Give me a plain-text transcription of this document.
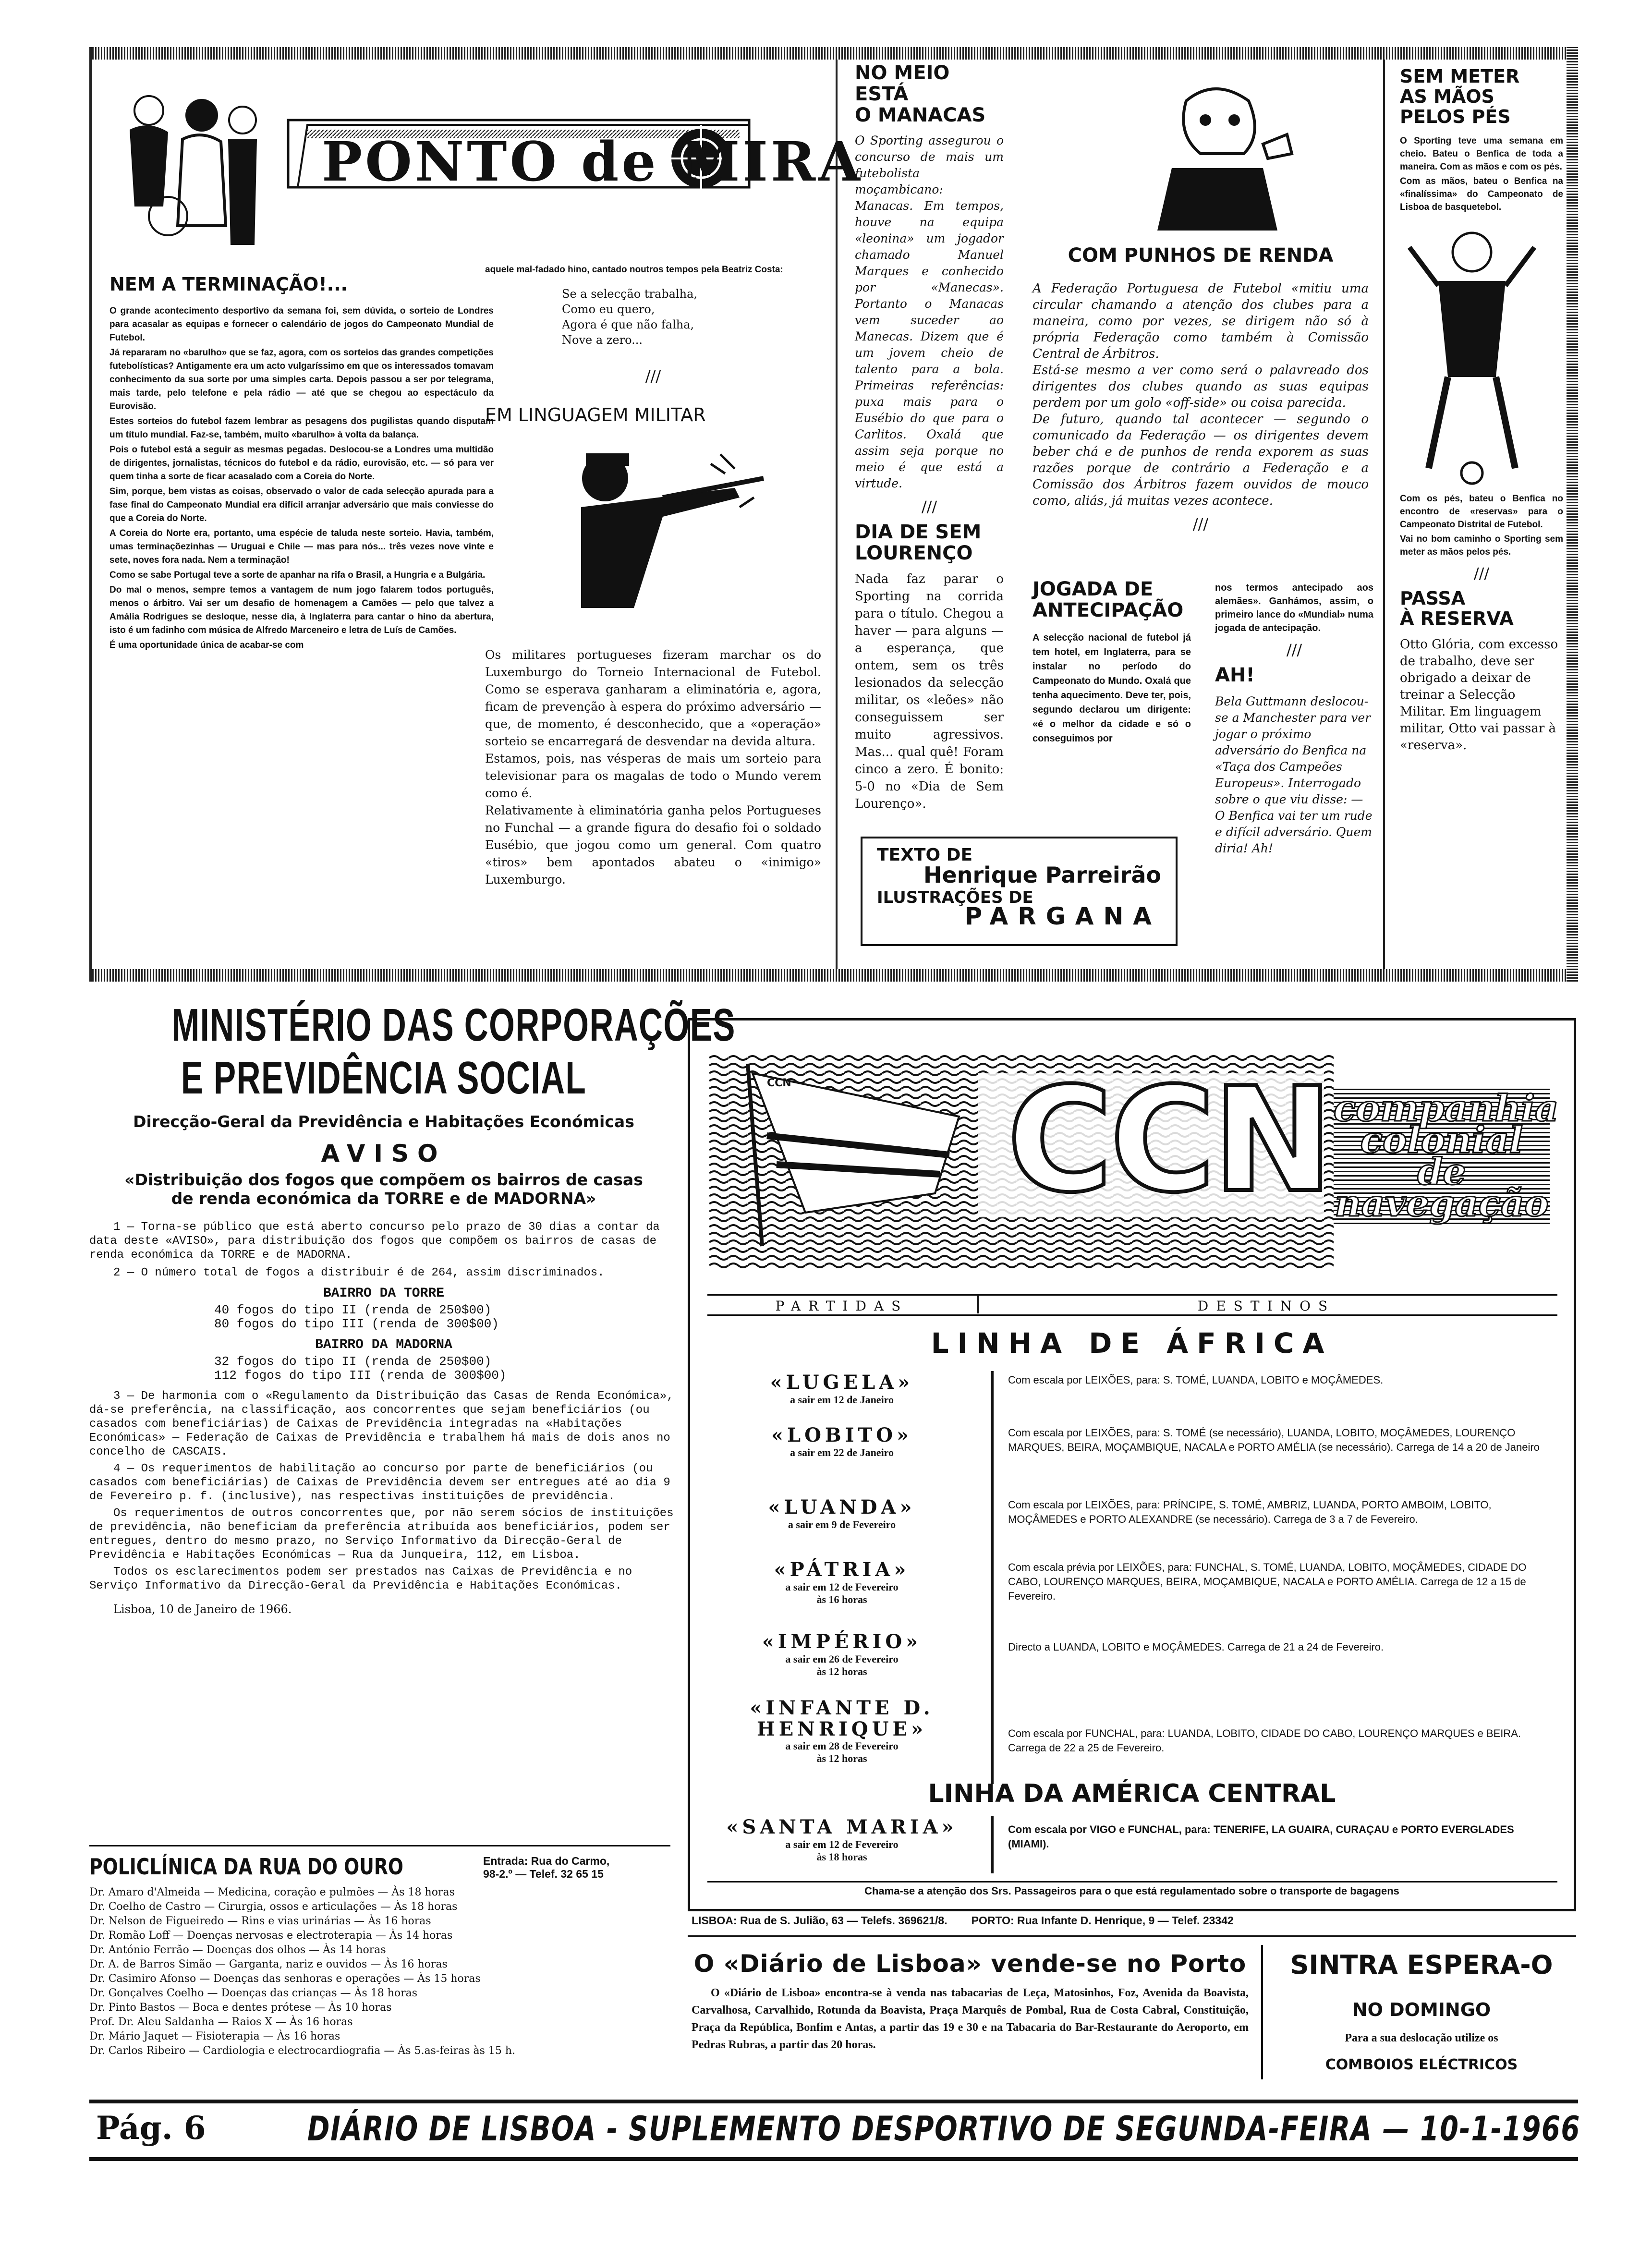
PONTO de MIRA
NEM A TERMINAÇÃO!...

O grande acontecimento desportivo da semana foi, sem dúvida, o sorteio de Londres para acasalar as equipas e fornecer o calendário de jogos do Campeonato Mundial de Futebol.

Já repararam no «barulho» que se faz, agora, com os sorteios das grandes competições futebolísticas? Antigamente era um acto vulgaríssimo em que os interessados tomavam conhecimento da sua sorte por uma simples carta. Depois passou a ser por telegrama, mais tarde, pelo telefone e pela rádio — até que se chegou ao espectáculo da Eurovisão.

Estes sorteios do futebol fazem lembrar as pesagens dos pugilistas quando disputam um título mundial. Faz-se, também, muito «barulho» à volta da balança.

Pois o futebol está a seguir as mesmas pegadas. Deslocou-se a Londres uma multidão de dirigentes, jornalistas, técnicos do futebol e da rádio, eurovisão, etc. — só para ver quem tinha a sorte de ficar acasalado com a Coreia do Norte.

Sim, porque, bem vistas as coisas, observado o valor de cada selecção apurada para a fase final do Campeonato Mundial era difícil arranjar adversário que mais conviesse do que a Coreia do Norte.

A Coreia do Norte era, portanto, uma espécie de taluda neste sorteio. Havia, também, umas terminaçõezinhas — Uruguai e Chile — mas para nós... três vezes nove vinte e sete, noves fora nada. Nem a terminação!

Como se sabe Portugal teve a sorte de apanhar na rifa o Brasil, a Hungria e a Bulgária.

Do mal o menos, sempre temos a vantagem de num jogo falarem todos português, menos o árbitro. Vai ser um desafio de homenagem a Camões — pelo que talvez a Amália Rodrigues se desloque, nesse dia, à Inglaterra para cantar o hino da abertura, isto é um fadinho com música de Alfredo Marceneiro e letra de Luís de Camões.

É uma oportunidade única de acabar-se com

aquele mal-fadado hino, cantado noutros tempos pela Beatriz Costa:

Se a selecção trabalha,
Como eu quero,
Agora é que não falha,
Nove a zero...
///
EM LINGUAGEM MILITAR

Os militares portugueses fizeram marchar os do Luxemburgo do Torneio Internacional de Futebol. Como se esperava ganharam a eliminatória e, agora, ficam de prevenção à espera do próximo adversário — que, de momento, é desconhecido, que a «operação» sorteio se encarregará de desvendar na devida altura.

Estamos, pois, nas vésperas de mais um sorteio para televisionar para os magalas de todo o Mundo verem como é.

Relativamente à eliminatória ganha pelos Portugueses no Funchal — a grande figura do desafio foi o soldado Eusébio, que jogou como um general. Com quatro «tiros» bem apontados abateu o «inimigo» Luxemburgo.

NO MEIO ESTÁ
O MANACAS

O Sporting assegurou o concurso de mais um futebolista moçambicano: Manacas. Em tempos, houve na equipa «leonina» um jogador chamado Manuel Marques e conhecido por «Manecas». Portanto o Manacas vem suceder ao Manecas. Dizem que é um jovem cheio de talento para a bola. Primeiras referências: puxa mais para o Eusébio do que para o Carlitos. Oxalá que assim seja porque no meio é que está a virtude.

///
DIA DE SEM
LOURENÇO

Nada faz parar o Sporting na corrida para o título. Chegou a haver — para alguns — a esperança, que ontem, sem os três lesionados da selecção militar, os «leões» não conseguissem ser muito agressivos. Mas... qual quê! Foram cinco a zero. É bonito: 5-0 no «Dia de Sem Lourenço».

COM PUNHOS DE RENDA

A Federação Portuguesa de Futebol «mitiu uma circular chamando a atenção dos clubes para a maneira, como por vezes, se dirigem não só à própria Federação como também à Comissão Central de Árbitros.

Está-se mesmo a ver como será o palavreado dos dirigentes dos clubes quando as suas equipas perdem por um golo «off-side» ou coisa parecida.

De futuro, quando tal acontecer — segundo o comunicado da Federação — os dirigentes devem beber chá e de punhos de renda exporem as suas razões porque de contrário a Federação e a Comissão dos Árbitros fazem ouvidos de mouco como, aliás, já muitas vezes acontece.

///
JOGADA DE
ANTECIPAÇÃO

A selecção nacional de futebol já tem hotel, em Inglaterra, para se instalar no período do Campeonato do Mundo. Oxalá que tenha aquecimento. Deve ter, pois, segundo declarou um dirigente: «é o melhor da cidade e só o conseguimos por

nos termos antecipado aos alemães». Ganhámos, assim, o primeiro lance do «Mundial» numa jogada de antecipação.

///
AH!

Bela Guttmann deslocou-se a Manchester para ver jogar o próximo adversário do Benfica na «Taça dos Campeões Europeus». Interrogado sobre o que viu disse: — O Benfica vai ter um rude e difícil adversário. Quem diria! Ah!

TEXTO DE
Henrique Parreirão
ILUSTRAÇÕES DE
PARGANA
SEM METER
AS MÃOS
PELOS PÉS

O Sporting teve uma semana em cheio. Bateu o Benfica de toda a maneira. Com as mãos e com os pés.

Com as mãos, bateu o Benfica na «finalíssima» do Campeonato de Lisboa de basquetebol.

Com os pés, bateu o Benfica no encontro de «reservas» para o Campeonato Distrital de Futebol.

Vai no bom caminho o Sporting sem meter as mãos pelos pés.

///
PASSA
À RESERVA

Otto Glória, com excesso de trabalho, deve ser obrigado a deixar de treinar a Selecção Militar. Em linguagem militar, Otto vai passar à «reserva».

MINISTÉRIO DAS CORPORAÇÕES
E PREVIDÊNCIA SOCIAL
Direcção-Geral da Previdência e Habitações Económicas
AVISO
«Distribuição dos fogos que compõem os bairros de casas
de renda económica da TORRE e de MADORNA»

1 — Torna-se público que está aberto concurso pelo prazo de 30 dias a contar da data deste «AVISO», para distribuição dos fogos que compõem os bairros de casas de renda económica da TORRE e de MADORNA.

2 — O número total de fogos a distribuir é de 264, assim discriminados.

BAIRRO DA TORRE

40 fogos do tipo II (renda de 250$00)

80 fogos do tipo III (renda de 300$00)

BAIRRO DA MADORNA

32 fogos do tipo II (renda de 250$00)

112 fogos do tipo III (renda de 300$00)

3 — De harmonia com o «Regulamento da Distribuição das Casas de Renda Económica», dá-se preferência, na classificação, aos concorrentes que sejam beneficiários (ou casados com beneficiárias) de Caixas de Previdência integradas na «Habitações Económicas» — Federação de Caixas de Previdência e trabalhem há mais de dois anos no concelho de CASCAIS.

4 — Os requerimentos de habilitação ao concurso por parte de beneficiários (ou casados com beneficiárias) de Caixas de Previdência devem ser entregues até ao dia 9 de Fevereiro p. f. (inclusive), nas respectivas instituições de previdência.

Os requerimentos de outros concorrentes que, por não serem sócios de instituições de previdência, não beneficiam da preferência atribuída aos beneficiários, podem ser entregues, dentro do mesmo prazo, no Serviço Informativo da Direcção-Geral de Previdência e Habitações Económicas — Rua da Junqueira, 112, em Lisboa.

Todos os esclarecimentos podem ser prestados nas Caixas de Previdência e no Serviço Informativo da Direcção-Geral da Previdência e Habitações Económicas.

Lisboa, 10 de Janeiro de 1966.

POLICLÍNICA DA RUA DO OURO	Entrada: Rua do Carmo,
98-2.º — Telef. 32 65 15
Dr. Amaro d'Almeida — Medicina, coração e pulmões — Às 18 horas
Dr. Coelho de Castro — Cirurgia, ossos e articulações — Às 18 horas
Dr. Nelson de Figueiredo — Rins e vias urinárias — Às 16 horas
Dr. Romão Loff — Doenças nervosas e electroterapia — Às 14 horas
Dr. António Ferrão — Doenças dos olhos — Às 14 horas
Dr. A. de Barros Simão — Garganta, nariz e ouvidos — Às 16 horas
Dr. Casimiro Afonso — Doenças das senhoras e operações — Às 15 horas
Dr. Gonçalves Coelho — Doenças das crianças — Às 18 horas
Dr. Pinto Bastos — Boca e dentes prótese — Às 10 horas
Prof. Dr. Aleu Saldanha — Raios X — Às 16 horas
Dr. Mário Jaquet — Fisioterapia — Às 16 horas
Dr. Carlos Ribeiro — Cardiologia e electrocardiografia — Às 5.as-feiras às 15 h.
CCN CCN companhia
colonial de
navegação
PARTIDAS	DESTINOS
LINHA DE ÁFRICA
«LUGELA»
a sair em 12 de Janeiro
Com escala por LEIXÕES, para: S. TOMÉ, LUANDA, LOBITO e MOÇÂMEDES.
«LOBITO»
a sair em 22 de Janeiro
Com escala por LEIXÕES, para: S. TOMÉ (se necessário), LUANDA, LOBITO, MOÇÂMEDES, LOURENÇO MARQUES, BEIRA, MOÇAMBIQUE, NACALA e PORTO AMÉLIA (se necessário). Carrega de 14 a 20 de Janeiro
«LUANDA»
a sair em 9 de Fevereiro
Com escala por LEIXÕES, para: PRÍNCIPE, S. TOMÉ, AMBRIZ, LUANDA, PORTO AMBOIM, LOBITO, MOÇÂMEDES e PORTO ALEXANDRE (se necessário). Carrega de 3 a 7 de Fevereiro.
«PÁTRIA»
a sair em 12 de Fevereiro
às 16 horas
Com escala prévia por LEIXÕES, para: FUNCHAL, S. TOMÉ, LUANDA, LOBITO, MOÇÂMEDES, CIDADE DO CABO, LOURENÇO MARQUES, BEIRA, MOÇAMBIQUE, NACALA e PORTO AMÉLIA. Carrega de 12 a 15 de Fevereiro.
«IMPÉRIO»
a sair em 26 de Fevereiro
às 12 horas
Directo a LUANDA, LOBITO e MOÇÂMEDES. Carrega de 21 a 24 de Fevereiro.
«INFANTE D. HENRIQUE»
a sair em 28 de Fevereiro
às 12 horas
Com escala por FUNCHAL, para: LUANDA, LOBITO, CIDADE DO CABO, LOURENÇO MARQUES e BEIRA. Carrega de 22 a 25 de Fevereiro.
LINHA DA AMÉRICA CENTRAL
«SANTA MARIA»
a sair em 12 de Fevereiro
às 18 horas
Com escala por VIGO e FUNCHAL, para: TENERIFE, LA GUAIRA, CURAÇAU e PORTO EVERGLADES (MIAMI).
Chama-se a atenção dos Srs. Passageiros para o que está regulamentado sobre o transporte de bagagens
LISBOA: Rua de S. Julião, 63 — Telefs. 369621/8. PORTO: Rua Infante D. Henrique, 9 — Telef. 23342
O «Diário de Lisboa» vende-se no Porto

O «Diário de Lisboa» encontra-se à venda nas tabacarias de Leça, Matosinhos, Foz, Avenida da Boavista, Carvalhosa, Carvalhido, Rotunda da Boavista, Praça Marquês de Pombal, Rua de Costa Cabral, Constituição, Praça da República, Bonfim e Antas, a partir das 19 e 30 e na Tabacaria do Bar-Restaurante do Aeroporto, em Pedras Rubras, a partir das 20 horas.

SINTRA ESPERA-O
NO DOMINGO
Para a sua deslocação utilize os
COMBOIOS ELÉCTRICOS
Pág. 6	DIÁRIO DE LISBOA - SUPLEMENTO DESPORTIVO DE SEGUNDA-FEIRA — 10-1-1966
